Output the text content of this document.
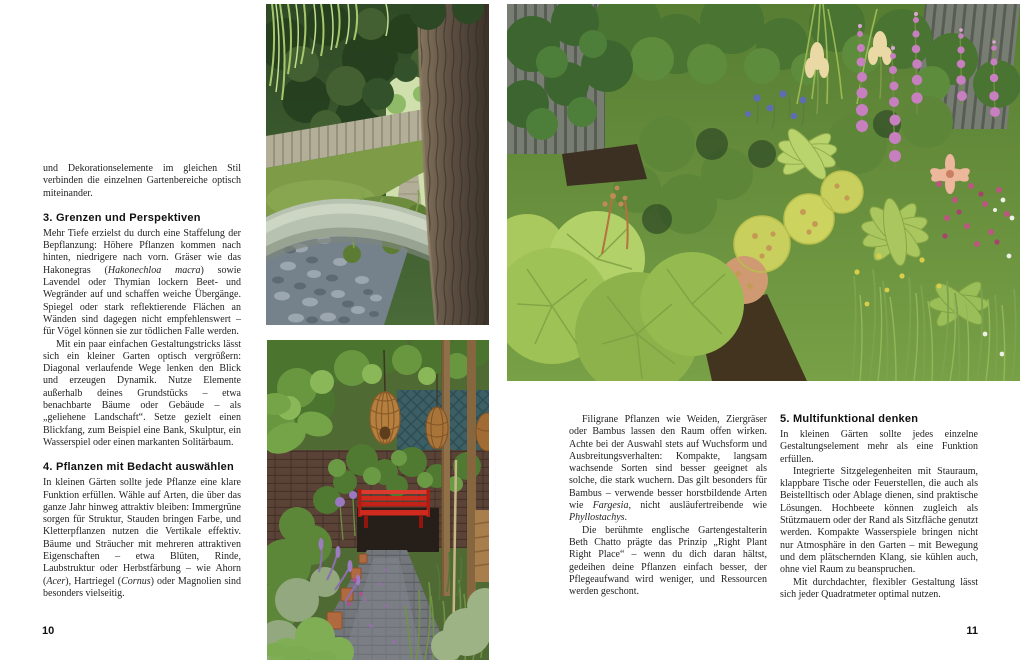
und Dekorationselemente im gleichen Stil verbinden die einzelnen Gartenbereiche optisch miteinander.

3. Grenzen und Perspektiven

Mehr Tiefe erzielst du durch eine Staffelung der Bepflanzung: Höhere Pflanzen kommen nach hinten, niedrigere nach vorn. Gräser wie das Hakonegras (Hakonechloa macra) sowie Lavendel oder Thymian lockern Beet- und Wegränder auf und schaffen weiche Übergänge. Spiegel oder stark reflektierende Flächen an Wänden sind dagegen nicht empfehlenswert – für Vögel können sie zur tödlichen Falle werden.

Mit ein paar einfachen Gestaltungstricks lässt sich ein kleiner Garten optisch vergrößern: Diagonal verlaufende Wege lenken den Blick und erzeugen Dynamik. Nutze Elemente außerhalb deines Grundstücks – etwa benachbarte Bäume oder Gebäude – als „geliehene Landschaft“. Setze gezielt einen Blickfang, zum Beispiel eine Bank, Skulptur, ein Wasserspiel oder einen markanten Solitärbaum.

4. Pflanzen mit Bedacht auswählen

In kleinen Gärten sollte jede Pflanze eine klare Funktion erfüllen. Wähle auf Arten, die über das ganze Jahr hinweg attraktiv bleiben: Immergrüne sorgen für Struktur, Stauden bringen Farbe, und Kletterpflanzen nutzen die Vertikale effektiv. Bäume und Sträucher mit mehreren attraktiven Eigenschaften – etwa Blüten, Rinde, Laubstruktur oder Herbstfärbung – wie Ahorn (Acer), Hartriegel (Cornus) oder Magnolien sind besonders vielseitig.

10

Filigrane Pflanzen wie Weiden, Ziergräser oder Bambus lassen den Raum offen wirken. Achte bei der Auswahl stets auf Wuchsform und Ausbreitungsverhalten: Kompakte, langsam wachsende Sorten sind besser geeignet als solche, die stark wuchern. Das gilt besonders für Bambus – verwende besser horstbildende Arten wie Fargesia, nicht ausläufertreibende wie Phyllostachys.

Die berühmte englische Gartengestalterin Beth Chatto prägte das Prinzip „Right Plant Right Place“ – wenn du dich daran hältst, gedeihen deine Pflanzen einfach besser, der Pflegeaufwand wird weniger, und Ressourcen werden geschont.

5. Multifunktional denken

In kleinen Gärten sollte jedes einzelne Gestaltungselement mehr als eine Funktion erfüllen.

Integrierte Sitzgelegenheiten mit Stauraum, klappbare Tische oder Feuerstellen, die auch als Beistelltisch oder Ablage dienen, sind praktische Lösungen. Hochbeete können zugleich als Stützmauern oder der Rand als Sitzfläche genutzt werden. Kompakte Wasserspiele bringen nicht nur Atmosphäre in den Garten – mit Bewegung und dem plätschernden Klang, sie kühlen auch, ohne viel Raum zu beanspruchen.

Mit durchdachter, flexibler Gestaltung lässt sich jeder Quadratmeter optimal nutzen.

11
